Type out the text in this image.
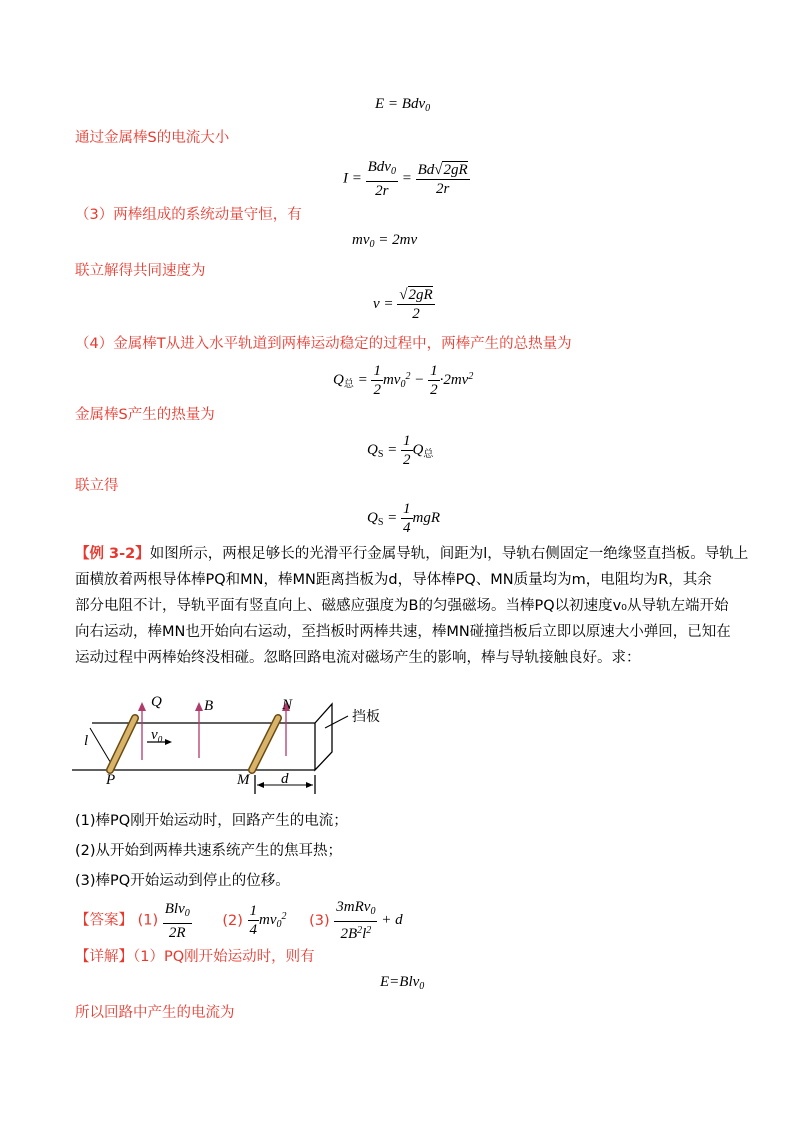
E = Bdv$_0$
通过金属棒S的电流大小
I =
Bdv$_0$
2r
= $\frac{Bd√2gR}{2r}$
（3）两棒组成的系统动量守恒，有
$mv_0 = 2mv$
联立解得共同速度为
$v = \frac{√2gR}{2}$
（4）金属棒T从进入水平轨道到两棒运动稳定的过程中，两棒产生的总热量为
$Q_总 = \frac{1}{2} mv_0^2 - \frac{1}{2} \cdot 2mv^2$
金属棒S产生的热量为
$Q_S = \frac{1}{2} Q_总$
联立得
$Q_S = \frac{1}{4}$ mgR
【例 3-2】如图所示，两根足够长的光滑平行金属导轨，间距为l，导轨右侧固定一绝缘竖直挡板。导轨上
面横放着两根导体棒PQ和MN，棒MN距离挡板为d，导体棒PQ、MN质量均为m，电阻均为R，其余
部分电阻不计，导轨平面有竖直向上、磁感应强度为B的匀强磁场。当棒PQ以初速度v₀从导轨左端开始
向右运动，棒MN也开始向右运动，至挡板时两棒共速，棒MN碰撞挡板后立即以原速大小弹回，已知在
运动过程中两棒始终没相碰。忽略回路电流对磁场产生的影响，棒与导轨接触良好。求：
Q	B	N
挡板
l	v₀
P	M d
(1)棒PQ刚开始运动时，回路产生的电流；
(2)从开始到两棒共速系统产生的焦耳热；
(3)棒PQ开始运动到停止的位移。
【答案】 (1)
Blv$_0$
2R
$(2) \frac{1}{4} mv_0^2$ (3)
3mRv$_0$
$2B^2l^2$
+ d
【详解】（1）PQ刚开始运动时，则有
E=Blv$_0$
所以回路中产生的电流为
